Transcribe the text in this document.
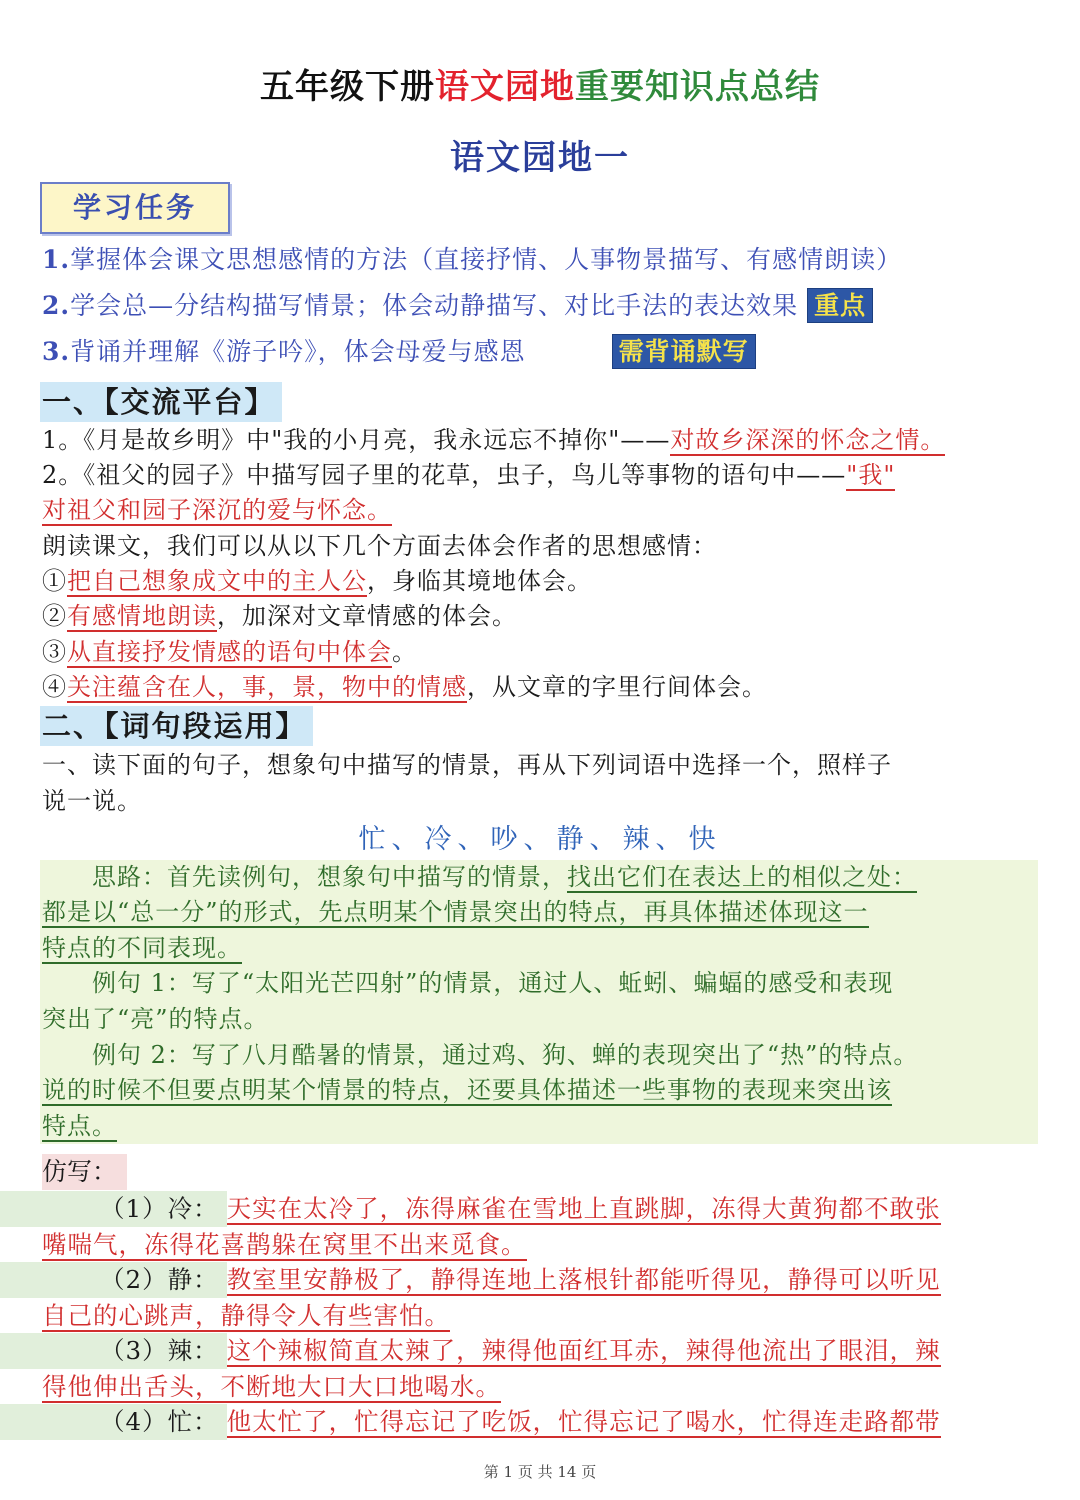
五年级下册语文园地重要知识点总结
语文园地一
学习任务
1.掌握体会课文思想感情的方法（直接抒情、人事物景描写、有感情朗读）
2.学会总—分结构描写情景；体会动静描写、对比手法的表达效果 重点
3.背诵并理解《游子吟》，体会母爱与感恩	需背诵默写
一、【交流平台】
1。《月是故乡明》中"我的小月亮，我永远忘不掉你"——对故乡深深的怀念之情。
2。《祖父的园子》中描写园子里的花草，虫子，鸟儿等事物的语句中——"我"
对祖父和园子深沉的爱与怀念。
朗读课文，我们可以从以下几个方面去体会作者的思想感情：
①把自己想象成文中的主人公，身临其境地体会。
②有感情地朗读，加深对文章情感的体会。
③从直接抒发情感的语句中体会。
④关注蕴含在人，事，景，物中的情感，从文章的字里行间体会。
二、【词句段运用】
一、读下面的句子，想象句中描写的情景，再从下列词语中选择一个，照样子
说一说。
忙、冷、吵、静、辣、快
　　思路：首先读例句，想象句中描写的情景，找出它们在表达上的相似之处：
都是以“总一分”的形式，先点明某个情景突出的特点，再具体描述体现这一
特点的不同表现。
　　例句 1：写了“太阳光芒四射”的情景，通过人、蚯蚓、蝙蝠的感受和表现
突出了“亮”的特点。
　　例句 2：写了八月酷暑的情景，通过鸡、狗、蝉的表现突出了“热”的特点。
说的时候不但要点明某个情景的特点，还要具体描述一些事物的表现来突出该
特点。
仿写：
（1）冷： 天实在太冷了，冻得麻雀在雪地上直跳脚，冻得大黄狗都不敢张
嘴喘气，冻得花喜鹊躲在窝里不出来觅食。
（2）静： 教室里安静极了，静得连地上落根针都能听得见，静得可以听见
自己的心跳声，静得令人有些害怕。
（3）辣： 这个辣椒简直太辣了，辣得他面红耳赤，辣得他流出了眼泪，辣
得他伸出舌头，不断地大口大口地喝水。
（4）忙： 他太忙了，忙得忘记了吃饭，忙得忘记了喝水，忙得连走路都带
第 1 页 共 14 页
